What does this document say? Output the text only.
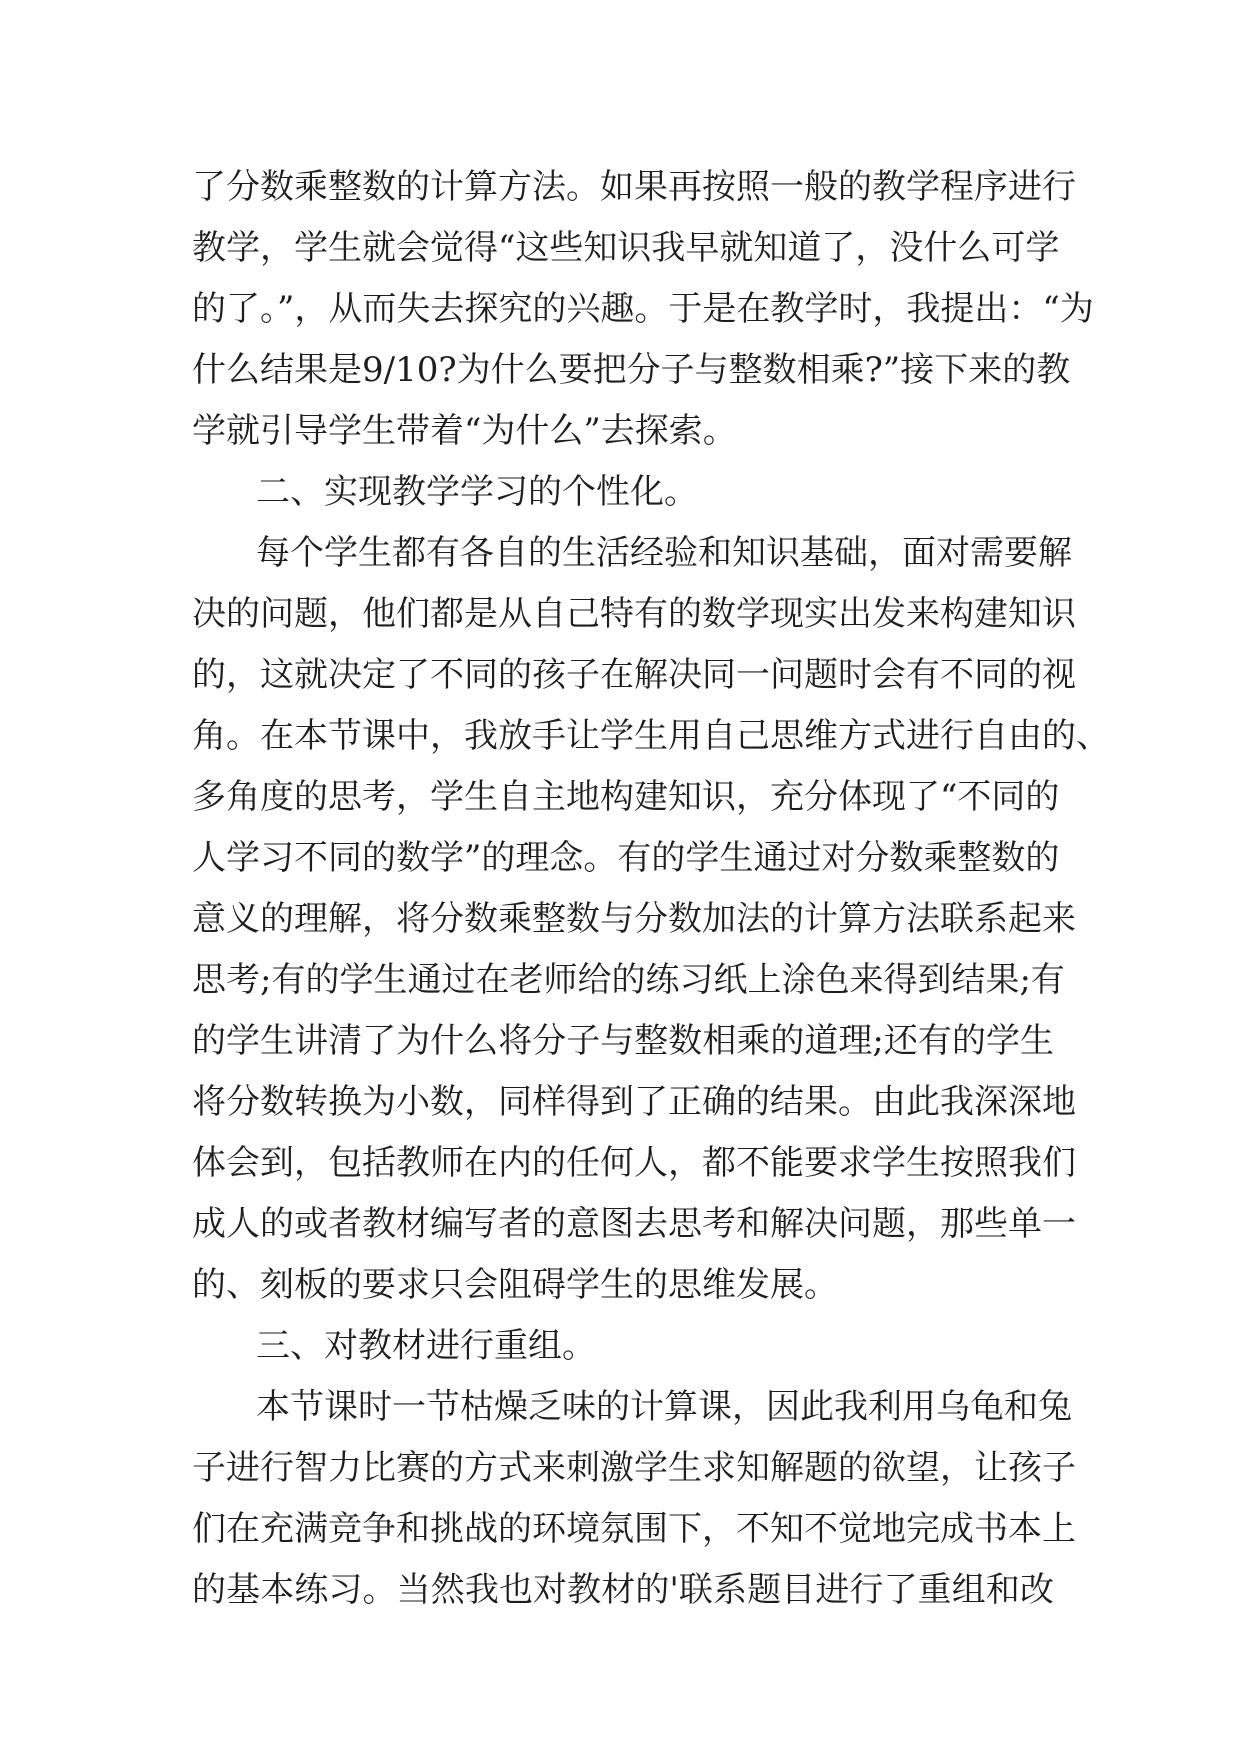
了分数乘整数的计算方法。如果再按照一般的教学程序进行
教学，学生就会觉得“这些知识我早就知道了，没什么可学
的了。”，从而失去探究的兴趣。于是在教学时，我提出：“为
什么结果是9/10?为什么要把分子与整数相乘?”接下来的教
学就引导学生带着“为什么”去探索。
二、实现教学学习的个性化。
每个学生都有各自的生活经验和知识基础，面对需要解
决的问题，他们都是从自己特有的数学现实出发来构建知识
的，这就决定了不同的孩子在解决同一问题时会有不同的视
角。在本节课中，我放手让学生用自己思维方式进行自由的、
多角度的思考，学生自主地构建知识，充分体现了“不同的
人学习不同的数学”的理念。有的学生通过对分数乘整数的
意义的理解，将分数乘整数与分数加法的计算方法联系起来
思考;有的学生通过在老师给的练习纸上涂色来得到结果;有
的学生讲清了为什么将分子与整数相乘的道理;还有的学生
将分数转换为小数，同样得到了正确的结果。由此我深深地
体会到，包括教师在内的任何人，都不能要求学生按照我们
成人的或者教材编写者的意图去思考和解决问题，那些单一
的、刻板的要求只会阻碍学生的思维发展。
三、对教材进行重组。
本节课时一节枯燥乏味的计算课，因此我利用乌龟和兔
子进行智力比赛的方式来刺激学生求知解题的欲望，让孩子
们在充满竞争和挑战的环境氛围下，不知不觉地完成书本上
的基本练习。当然我也对教材的'联系题目进行了重组和改
